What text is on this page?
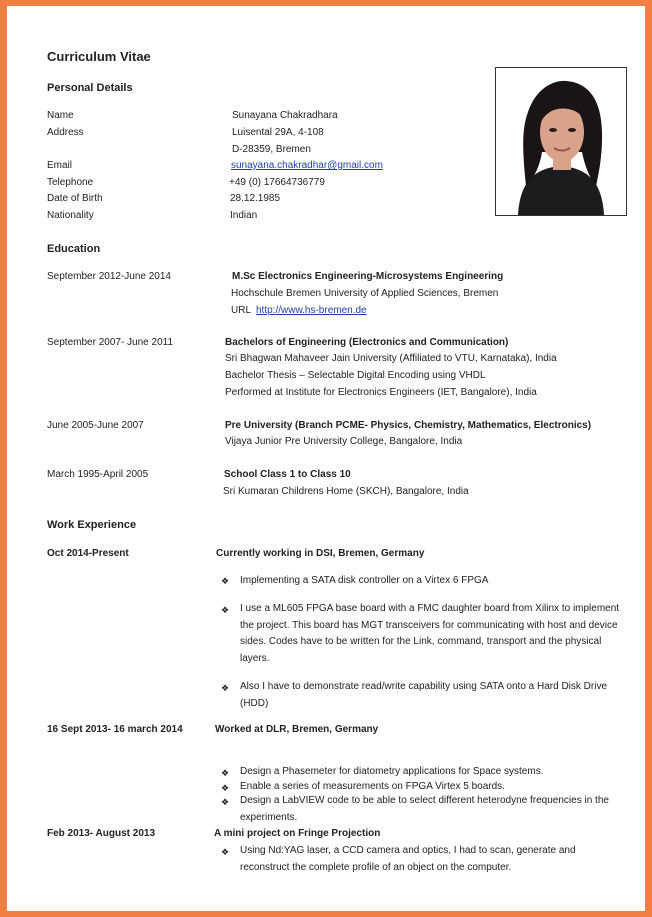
Curriculum Vitae
Personal Details
Name	Sunayana Chakradhara
Address	Luisental 29A, 4-108
D-28359, Bremen
Email	sunayana.chakradhar@gmail.com
Telephone	+49 (0) 17664736779
Date of Birth	28.12.1985
Nationality	Indian
Education
September 2012-June 2014	M.Sc Electronics Engineering-Microsystems Engineering
Hochschule Bremen University of Applied Sciences, Bremen
URL http://www.hs-bremen.de
September 2007- June 2011	Bachelors of Engineering (Electronics and Communication)
Sri Bhagwan Mahaveer Jain University (Affiliated to VTU, Karnataka), India
Bachelor Thesis – Selectable Digital Encoding using VHDL
Performed at Institute for Electronics Engineers (IET, Bangalore), India
June 2005-June 2007	Pre University (Branch PCME- Physics, Chemistry, Mathematics, Electronics)
Vijaya Junior Pre University College, Bangalore, India
March 1995-April 2005	School Class 1 to Class 10
Sri Kumaran Childrens Home (SKCH), Bangalore, India
Work Experience
Oct 2014-Present	Currently working in DSI, Bremen, Germany
❖ Implementing a SATA disk controller on a Virtex 6 FPGA
❖ I use a ML605 FPGA base board with a FMC daughter board from Xilinx to implement the project. This board has MGT transceivers for communicating with host and device sides. Codes have to be written for the Link, command, transport and the physical layers.
❖ Also I have to demonstrate read/write capability using SATA onto a Hard Disk Drive (HDD)
16 Sept 2013- 16 march 2014	Worked at DLR, Bremen, Germany
❖ Design a Phasemeter for diatometry applications for Space systems.
❖ Enable a series of measurements on FPGA Virtex 5 boards.
❖ Design a LabVIEW code to be able to select different heterodyne frequencies in the experiments.
Feb 2013- August 2013	A mini project on Fringe Projection
❖ Using Nd:YAG laser, a CCD camera and optics, I had to scan, generate and reconstruct the complete profile of an object on the computer.
